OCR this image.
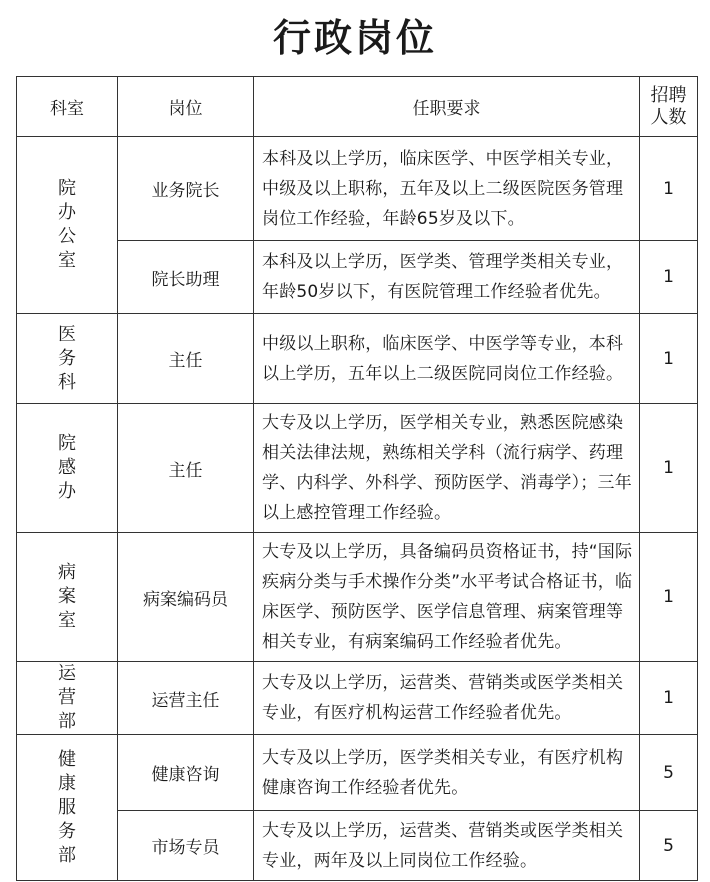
行政岗位
科室	岗位	任职要求	招聘人数
院办公室	业务院长	本科及以上学历，临床医学、中医学相关专业，中级及以上职称，五年及以上二级医院医务管理岗位工作经验，年龄65岁及以下。	1
	院长助理	本科及以上学历，医学类、管理学类相关专业，年龄50岁以下，有医院管理工作经验者优先。	1
医务科	主任	中级以上职称，临床医学、中医学等专业，本科以上学历，五年以上二级医院同岗位工作经验。	1
院感办	主任	大专及以上学历，医学相关专业，熟悉医院感染相关法律法规，熟练相关学科（流行病学、药理学、内科学、外科学、预防医学、消毒学）；三年以上感控管理工作经验。	1
病案室	病案编码员	大专及以上学历，具备编码员资格证书，持“国际疾病分类与手术操作分类”水平考试合格证书，临床医学、预防医学、医学信息管理、病案管理等相关专业，有病案编码工作经验者优先。	1
运营部	运营主任	大专及以上学历，运营类、营销类或医学类相关专业，有医疗机构运营工作经验者优先。	1
健康服务部	健康咨询	大专及以上学历，医学类相关专业，有医疗机构健康咨询工作经验者优先。	5
	市场专员	大专及以上学历，运营类、营销类或医学类相关专业，两年及以上同岗位工作经验。	5
